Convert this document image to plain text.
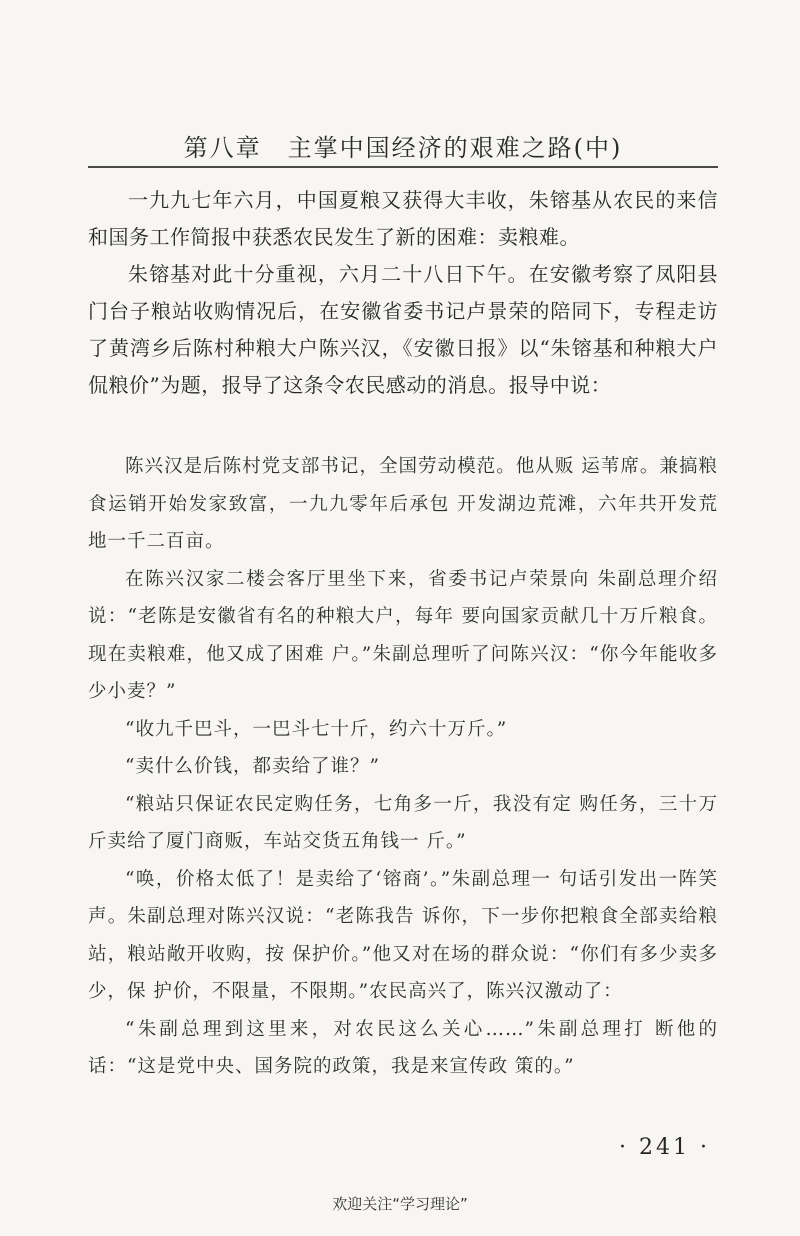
第八章　主掌中国经济的艰难之路(中)

一九九七年六月，中国夏粮又获得大丰收，朱镕基从农民的来信和国务工作简报中获悉农民发生了新的困难：卖粮难。

朱镕基对此十分重视，六月二十八日下午。在安徽考察了凤阳县门台子粮站收购情况后，在安徽省委书记卢景荣的陪同下，专程走访了黄湾乡后陈村种粮大户陈兴汉，《安徽日报》以“朱镕基和种粮大户侃粮价”为题，报导了这条令农民感动的消息。报导中说：

陈兴汉是后陈村党支部书记，全国劳动模范。他从贩 运苇席。兼搞粮食运销开始发家致富，一九九零年后承包 开发湖边荒滩，六年共开发荒地一千二百亩。

在陈兴汉家二楼会客厅里坐下来，省委书记卢荣景向 朱副总理介绍说：“老陈是安徽省有名的种粮大户，每年 要向国家贡献几十万斤粮食。现在卖粮难，他又成了困难 户。”朱副总理听了问陈兴汉：“你今年能收多少小麦？”

“收九千巴斗，一巴斗七十斤，约六十万斤。”

“卖什么价钱，都卖给了谁？”

“粮站只保证农民定购任务，七角多一斤，我没有定 购任务，三十万斤卖给了厦门商贩，车站交货五角钱一 斤。”

“唤，价格太低了！是卖给了‘镕商’。”朱副总理一 句话引发出一阵笑声。朱副总理对陈兴汉说：“老陈我告 诉你，下一步你把粮食全部卖给粮站，粮站敞开收购，按 保护价。”他又对在场的群众说：“你们有多少卖多少，保 护价，不限量，不限期。”农民高兴了，陈兴汉激动了：

“朱副总理到这里来，对农民这么关心……”朱副总理打 断他的话：“这是党中央、国务院的政策，我是来宣传政 策的。”

· 241 ·
欢迎关注“学习理论”
